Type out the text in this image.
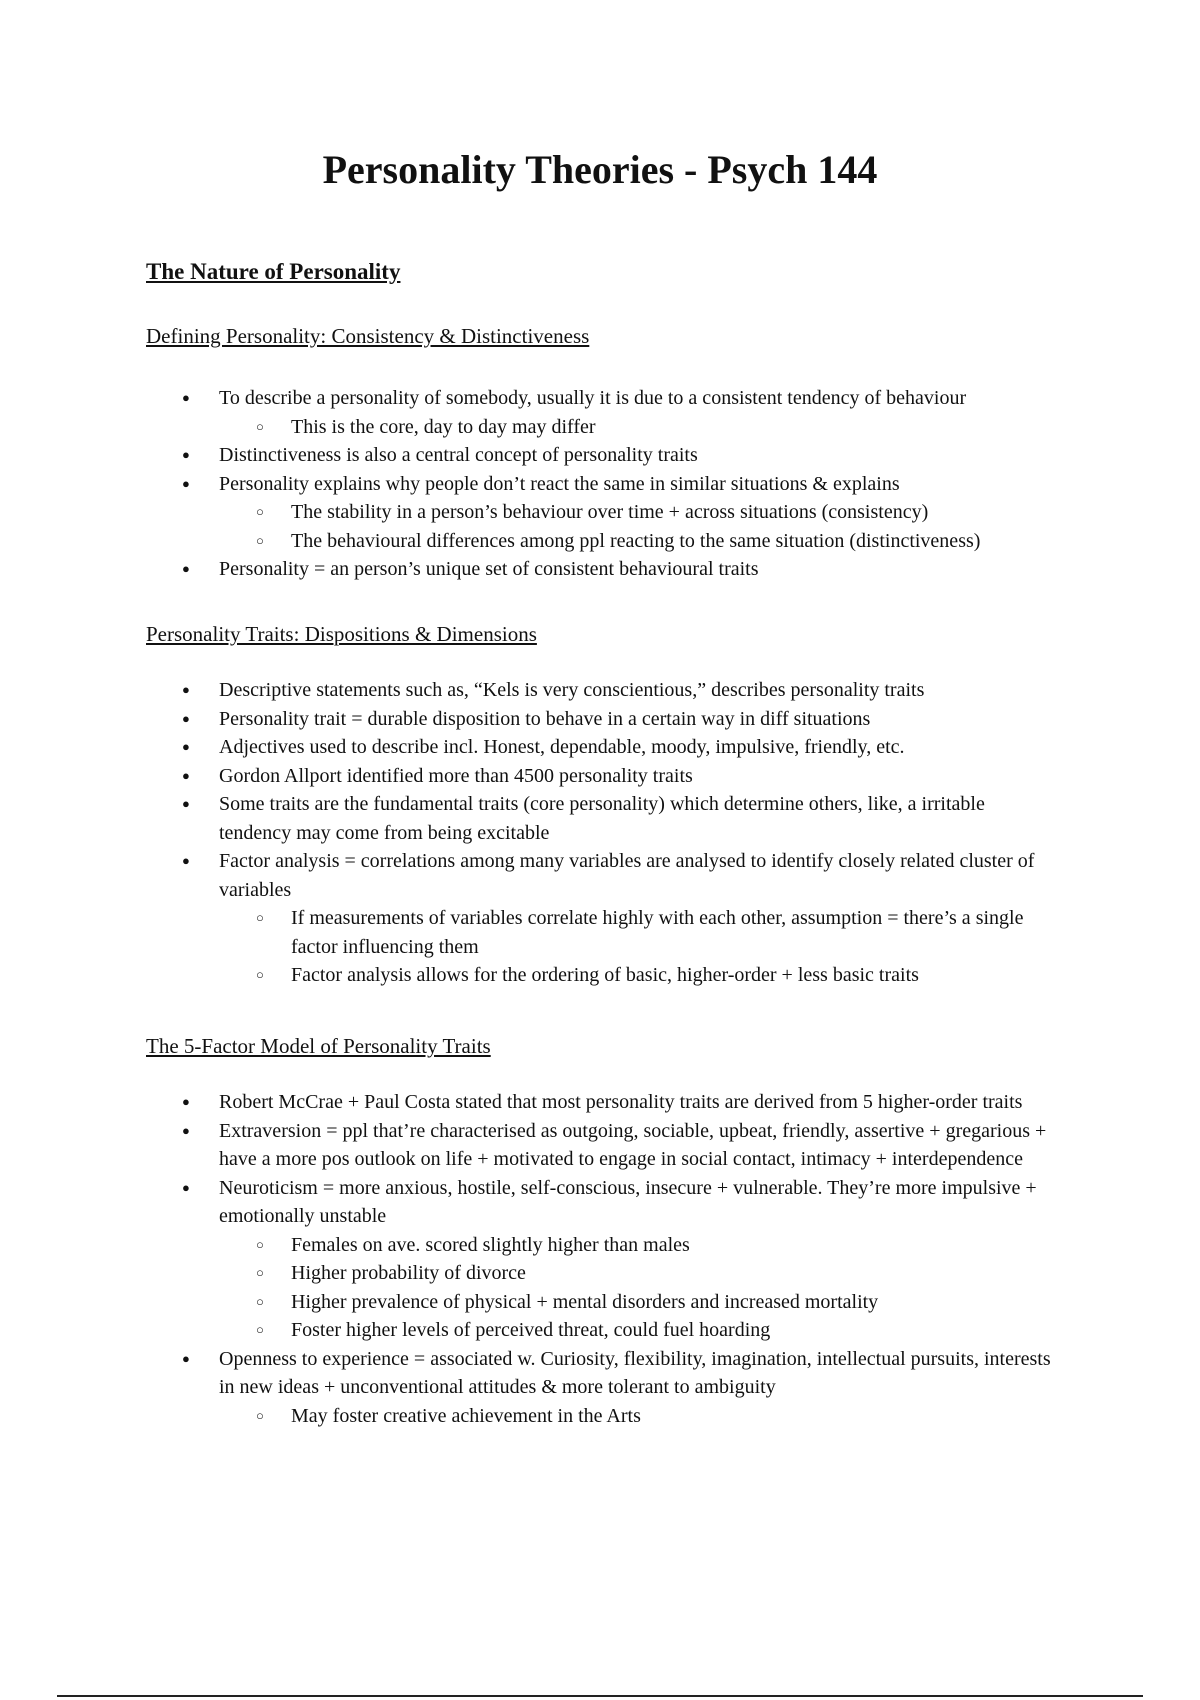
Personality Theories - Psych 144
The Nature of Personality
Defining Personality: Consistency & Distinctiveness
● To describe a personality of somebody, usually it is due to a consistent tendency of behaviour
○ This is the core, day to day may differ
● Distinctiveness is also a central concept of personality traits
● Personality explains why people don’t react the same in similar situations & explains
○ The stability in a person’s behaviour over time + across situations (consistency)
○ The behavioural differences among ppl reacting to the same situation (distinctiveness)
● Personality = an person’s unique set of consistent behavioural traits
Personality Traits: Dispositions & Dimensions
● Descriptive statements such as, “Kels is very conscientious,” describes personality traits
● Personality trait = durable disposition to behave in a certain way in diff situations
● Adjectives used to describe incl. Honest, dependable, moody, impulsive, friendly, etc.
● Gordon Allport identified more than 4500 personality traits
● Some traits are the fundamental traits (core personality) which determine others, like, a irritable tendency may come from being excitable
● Factor analysis = correlations among many variables are analysed to identify closely related cluster of variables
○ If measurements of variables correlate highly with each other, assumption = there’s a single factor influencing them
○ Factor analysis allows for the ordering of basic, higher-order + less basic traits
The 5-Factor Model of Personality Traits
● Robert McCrae + Paul Costa stated that most personality traits are derived from 5 higher-order traits
● Extraversion = ppl that’re characterised as outgoing, sociable, upbeat, friendly, assertive + gregarious + have a more pos outlook on life + motivated to engage in social contact, intimacy + interdependence
● Neuroticism = more anxious, hostile, self-conscious, insecure + vulnerable. They’re more impulsive + emotionally unstable
○ Females on ave. scored slightly higher than males
○ Higher probability of divorce
○ Higher prevalence of physical + mental disorders and increased mortality
○ Foster higher levels of perceived threat, could fuel hoarding
● Openness to experience = associated w. Curiosity, flexibility, imagination, intellectual pursuits, interests in new ideas + unconventional attitudes & more tolerant to ambiguity
○ May foster creative achievement in the Arts
